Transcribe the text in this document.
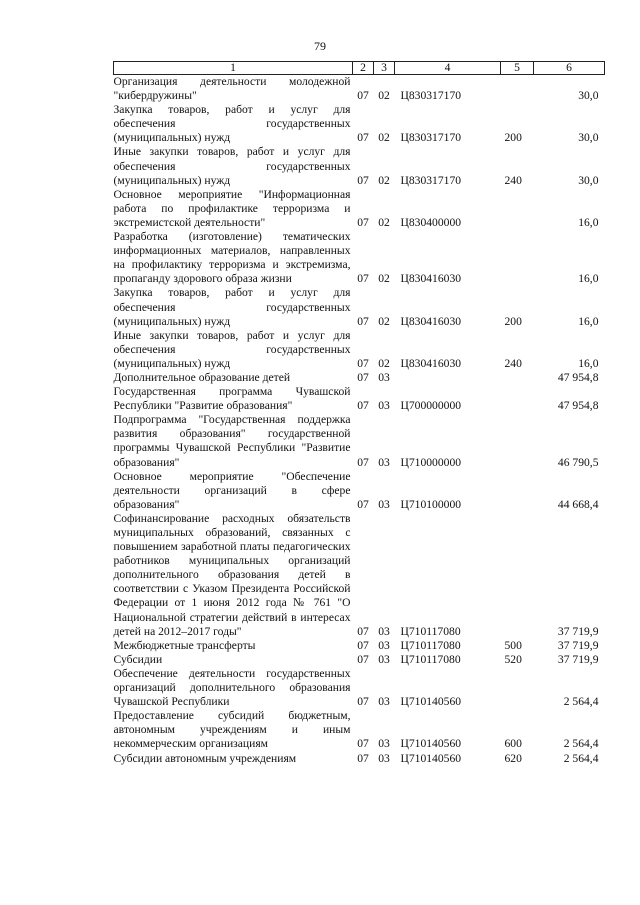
79
1	2	3	4	5	6
Организация деятельности молодежной "кибердружины"	07	02	Ц830317170		30,0
Закупка товаров, работ и услуг для обеспечения государственных (муниципальных) нужд	07	02	Ц830317170	200	30,0
Иные закупки товаров, работ и услуг для обеспечения государственных (муниципальных) нужд	07	02	Ц830317170	240	30,0
Основное мероприятие "Информационная работа по профилактике терроризма и экстремистской деятельности"	07	02	Ц830400000		16,0
Разработка (изготовление) тематических информационных материалов, направленных на профилактику терроризма и экстремизма, пропаганду здорового образа жизни	07	02	Ц830416030		16,0
Закупка товаров, работ и услуг для обеспечения государственных (муниципальных) нужд	07	02	Ц830416030	200	16,0
Иные закупки товаров, работ и услуг для обеспечения государственных (муниципальных) нужд	07	02	Ц830416030	240	16,0
Дополнительное образование детей	07	03			47 954,8
Государственная программа Чувашской Республики "Развитие образования"	07	03	Ц700000000		47 954,8
Подпрограмма "Государственная поддержка развития образования" государственной программы Чувашской Республики "Развитие образования"	07	03	Ц710000000		46 790,5
Основное мероприятие "Обеспечение деятельности организаций в сфере образования"	07	03	Ц710100000		44 668,4
Софинансирование расходных обязательств муниципальных образований, связанных с повышением заработной платы педагогических работников муниципальных организаций дополнительного образования детей в соответствии с Указом Президента Российской Федерации от 1 июня 2012 года № 761 "О Национальной стратегии действий в интересах детей на 2012–2017 годы"	07	03	Ц710117080		37 719,9
Межбюджетные трансферты	07	03	Ц710117080	500	37 719,9
Субсидии	07	03	Ц710117080	520	37 719,9
Обеспечение деятельности государственных организаций дополнительного образования Чувашской Республики	07	03	Ц710140560		2 564,4
Предоставление субсидий бюджетным, автономным учреждениям и иным некоммерческим организациям	07	03	Ц710140560	600	2 564,4
Субсидии автономным учреждениям	07	03	Ц710140560	620	2 564,4
